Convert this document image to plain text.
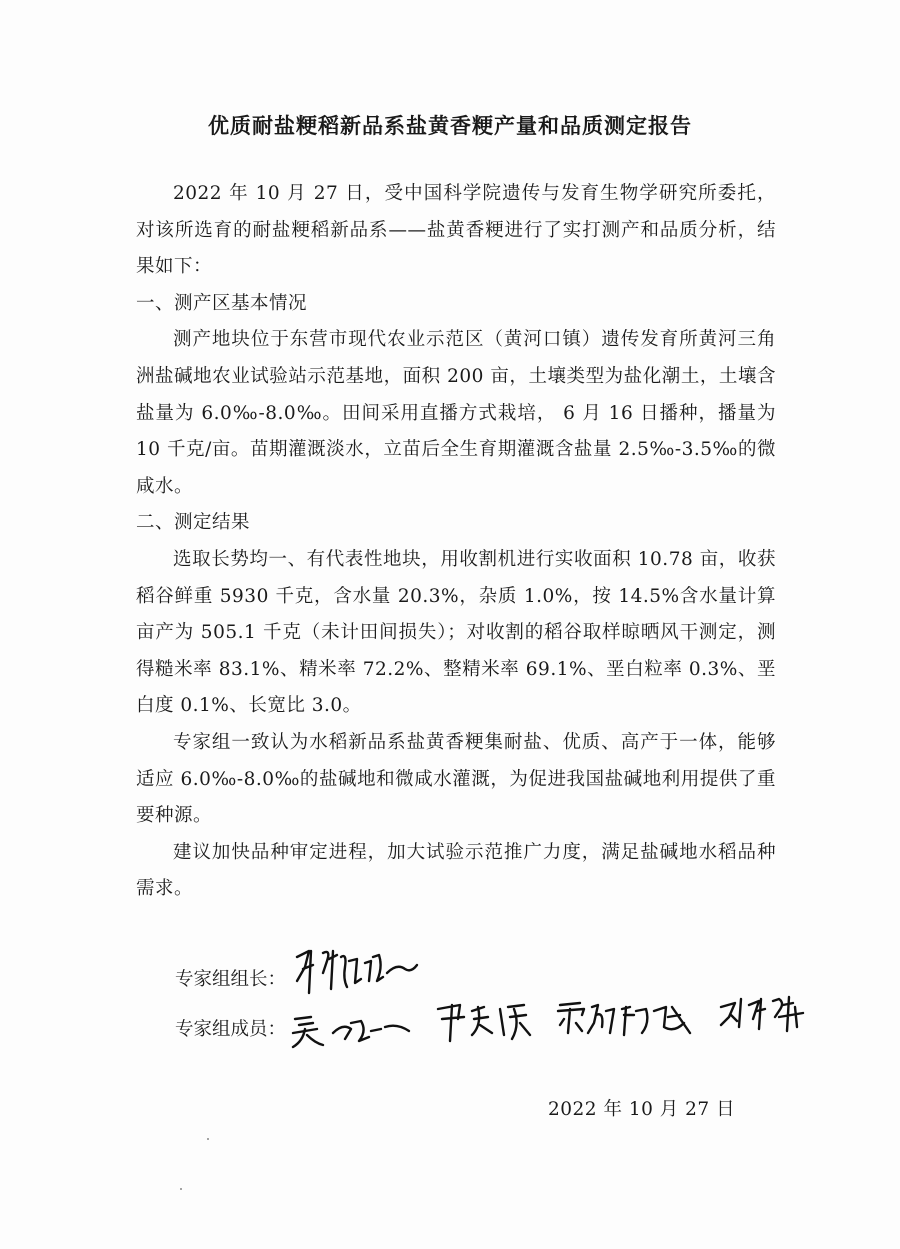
优质耐盐粳稻新品系盐黄香粳产量和品质测定报告

2022 年 10 月 27 日，受中国科学院遗传与发育生物学研究所委托，对该所选育的耐盐粳稻新品系——盐黄香粳进行了实打测产和品质分析，结果如下：

一、测产区基本情况

测产地块位于东营市现代农业示范区（黄河口镇）遗传发育所黄河三角洲盐碱地农业试验站示范基地，面积 200 亩，土壤类型为盐化潮土，土壤含盐量为 6.0‰-8.0‰。田间采用直播方式栽培， 6 月 16 日播种，播量为 10 千克/亩。苗期灌溉淡水，立苗后全生育期灌溉含盐量 2.5‰-3.5‰的微咸水。

二、测定结果

选取长势均一、有代表性地块，用收割机进行实收面积 10.78 亩，收获稻谷鲜重 5930 千克，含水量 20.3%，杂质 1.0%，按 14.5%含水量计算亩产为 505.1 千克（未计田间损失）；对收割的稻谷取样晾晒风干测定，测得糙米率 83.1%、精米率 72.2%、整精米率 69.1%、垩白粒率 0.3%、垩白度 0.1%、长宽比 3.0。

专家组一致认为水稻新品系盐黄香粳集耐盐、优质、高产于一体，能够适应 6.0‰-8.0‰的盐碱地和微咸水灌溉，为促进我国盐碱地利用提供了重要种源。

建议加快品种审定进程，加大试验示范推广力度，满足盐碱地水稻品种需求。

专家组组长：
专家组成员：
2022 年 10 月 27 日
